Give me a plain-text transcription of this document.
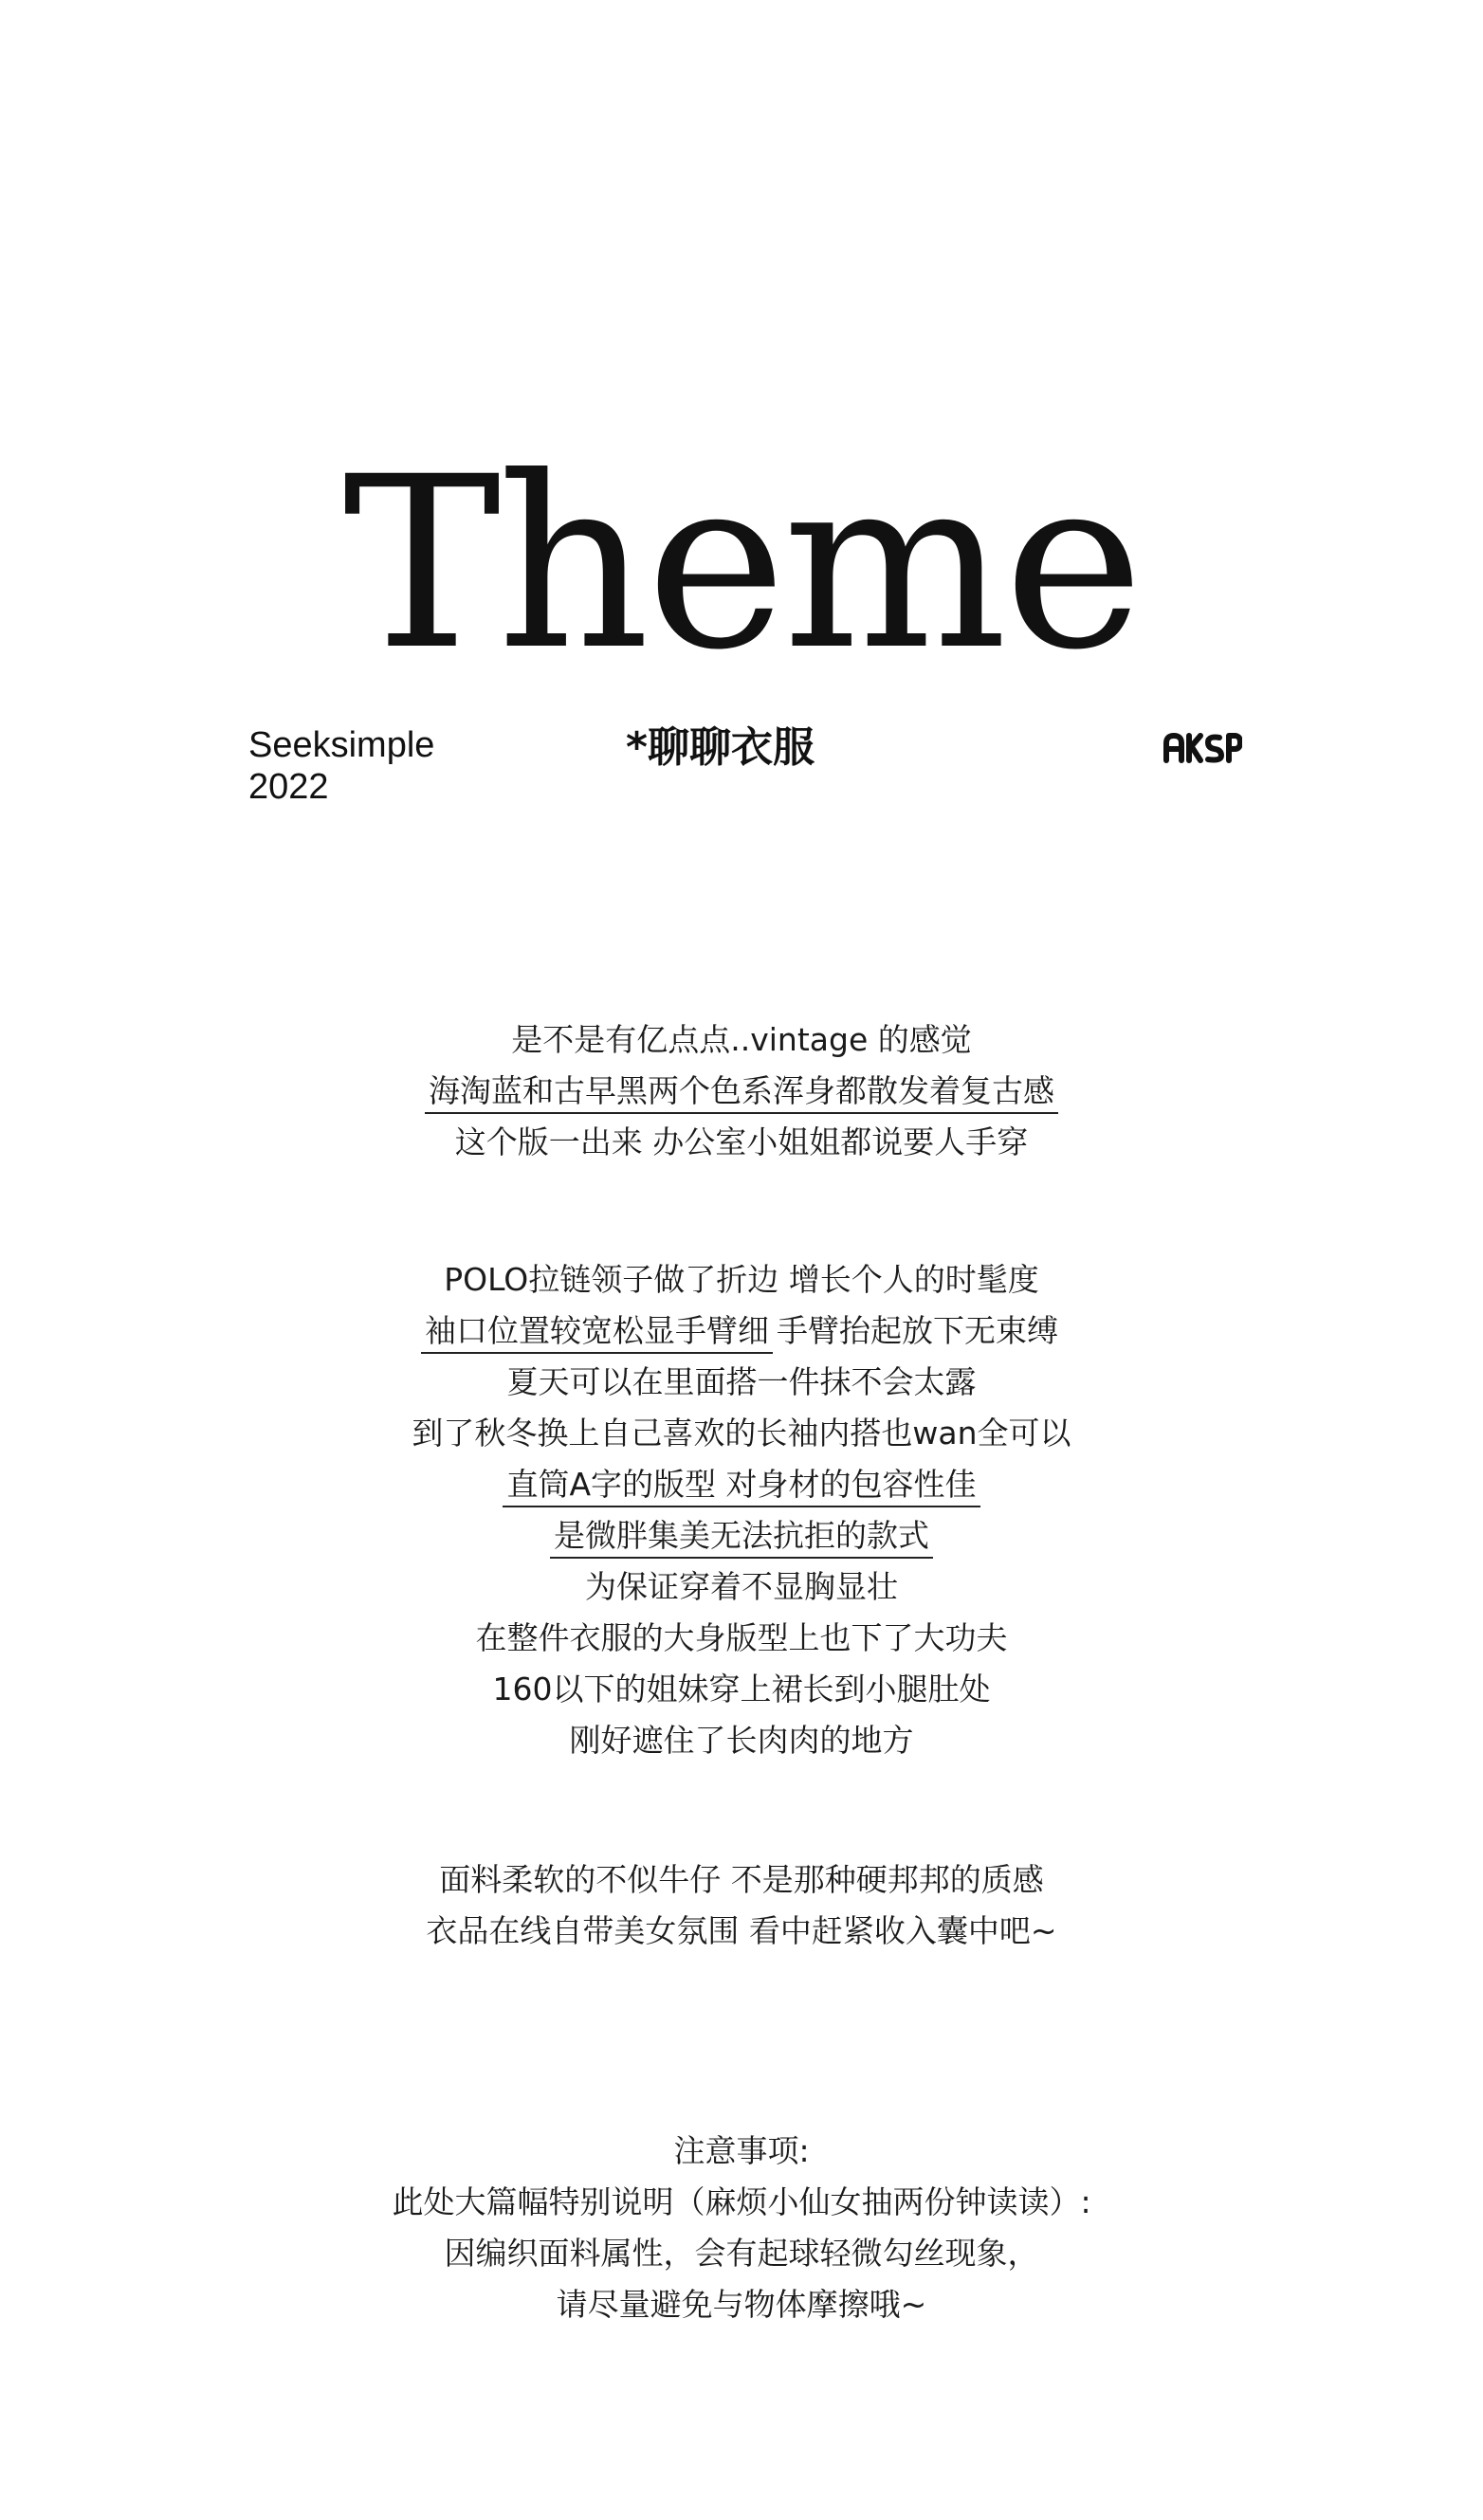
Theme
Seeksimple
2022
*聊聊衣服
是不是有亿点点..vintage 的感觉
海淘蓝和古早黑两个色系浑身都散发着复古感
这个版一出来 办公室小姐姐都说要人手穿
POLO拉链领子做了折边 增长个人的时髦度
袖口位置较宽松显手臂细手臂抬起放下无束缚
夏天可以在里面搭一件抹不会太露
到了秋冬换上自己喜欢的长袖内搭也wan全可以
直筒A字的版型 对身材的包容性佳
是微胖集美无法抗拒的款式
为保证穿着不显胸显壮
在整件衣服的大身版型上也下了大功夫
160以下的姐妹穿上裙长到小腿肚处
刚好遮住了长肉肉的地方
面料柔软的不似牛仔 不是那种硬邦邦的质感
衣品在线自带美女氛围 看中赶紧收入囊中吧~
注意事项:
此处大篇幅特别说明（麻烦小仙女抽两份钟读读）:
因编织面料属性，会有起球轻微勾丝现象，
请尽量避免与物体摩擦哦~
